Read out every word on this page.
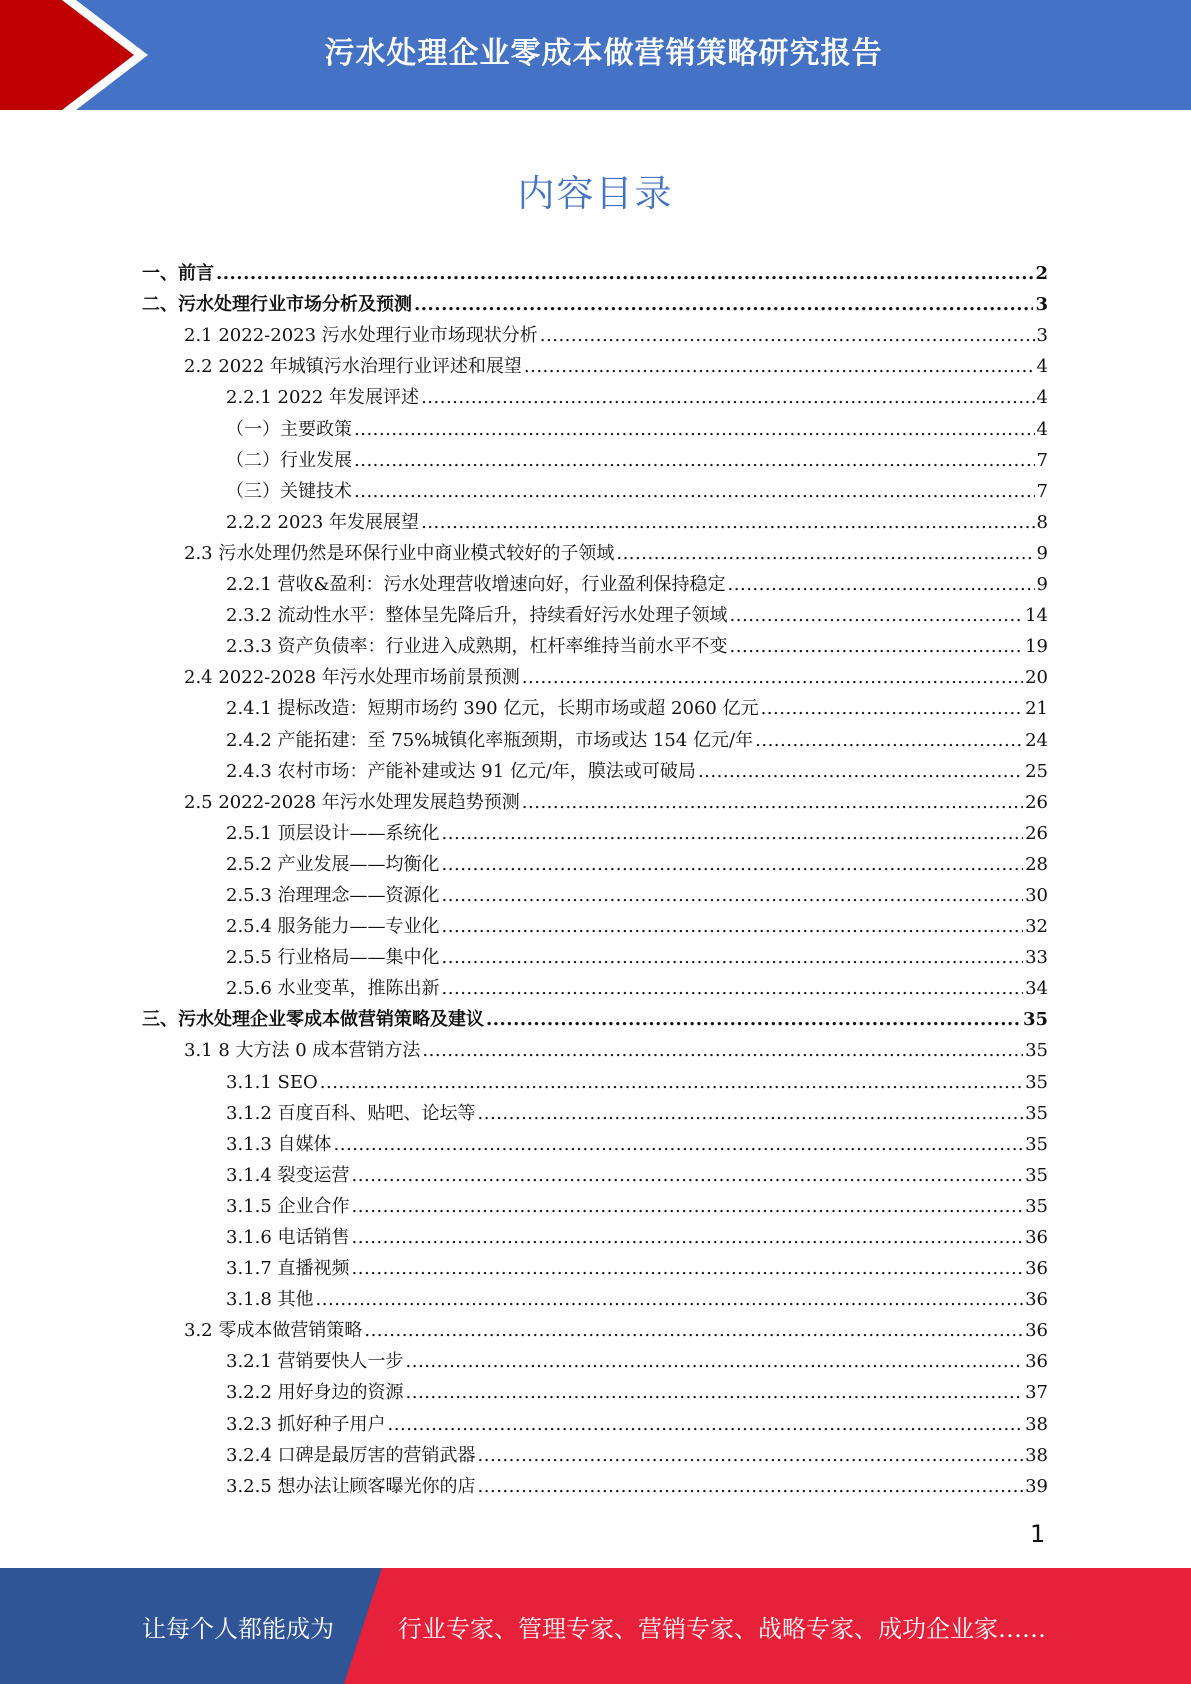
污水处理企业零成本做营销策略研究报告
内容目录
一、前言 .....	2
二、污水处理行业市场分析及预测 .....	3
2.1 2022-2023 污水处理行业市场现状分析 .....	3
2.2 2022 年城镇污水治理行业评述和展望 .....	4
2.2.1 2022 年发展评述 .....	4
（一）主要政策 .....	4
（二）行业发展 .....	7
（三）关键技术 .....	7
2.2.2 2023 年发展展望 .....	8
2.3 污水处理仍然是环保行业中商业模式较好的子领域 .....	9
2.2.1 营收&盈利：污水处理营收增速向好，行业盈利保持稳定 .....	9
2.3.2 流动性水平：整体呈先降后升，持续看好污水处理子领域 .....	14
2.3.3 资产负债率：行业进入成熟期，杠杆率维持当前水平不变 .....	19
2.4 2022-2028 年污水处理市场前景预测 .....	20
2.4.1 提标改造：短期市场约 390 亿元，长期市场或超 2060 亿元 .....	21
2.4.2 产能拓建：至 75%城镇化率瓶颈期，市场或达 154 亿元/年 .....	24
2.4.3 农村市场：产能补建或达 91 亿元/年，膜法或可破局 .....	25
2.5 2022-2028 年污水处理发展趋势预测 .....	26
2.5.1 顶层设计——系统化 .....	26
2.5.2 产业发展——均衡化 .....	28
2.5.3 治理理念——资源化 .....	30
2.5.4 服务能力——专业化 .....	32
2.5.5 行业格局——集中化 .....	33
2.5.6 水业变革，推陈出新 .....	34
三、污水处理企业零成本做营销策略及建议 .....	35
3.1 8 大方法 0 成本营销方法 .....	35
3.1.1 SEO .....	35
3.1.2 百度百科、贴吧、论坛等 .....	35
3.1.3 自媒体 .....	35
3.1.4 裂变运营 .....	35
3.1.5 企业合作 .....	35
3.1.6 电话销售 .....	36
3.1.7 直播视频 .....	36
3.1.8 其他 .....	36
3.2 零成本做营销策略 .....	36
3.2.1 营销要快人一步 .....	36
3.2.2 用好身边的资源 .....	37
3.2.3 抓好种子用户 .....	38
3.2.4 口碑是最厉害的营销武器 .....	38
3.2.5 想办法让顾客曝光你的店 .....	39
1
让每个人都能成为	行业专家、管理专家、营销专家、战略专家、成功企业家……
